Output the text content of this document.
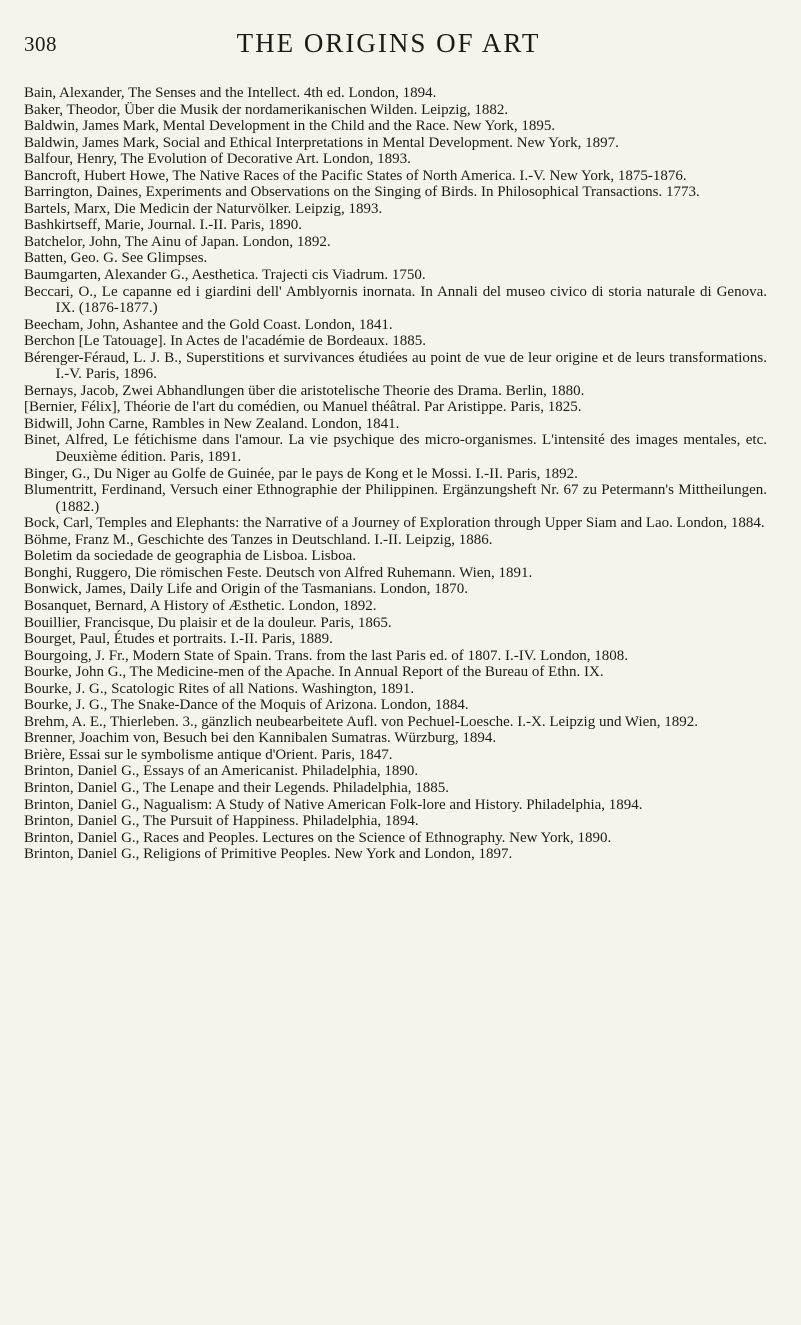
308	THE ORIGINS OF ART

Bain, Alexander, The Senses and the Intellect. 4th ed. London, 1894.

Baker, Theodor, Über die Musik der nordamerikanischen Wilden. Leipzig, 1882.

Baldwin, James Mark, Mental Development in the Child and the Race. New York, 1895.

Baldwin, James Mark, Social and Ethical Interpretations in Mental Development. New York, 1897.

Balfour, Henry, The Evolution of Decorative Art. London, 1893.

Bancroft, Hubert Howe, The Native Races of the Pacific States of North America. I.-V. New York, 1875-1876.

Barrington, Daines, Experiments and Observations on the Singing of Birds. In Philosophical Transactions. 1773.

Bartels, Marx, Die Medicin der Naturvölker. Leipzig, 1893.

Bashkirtseff, Marie, Journal. I.-II. Paris, 1890.

Batchelor, John, The Ainu of Japan. London, 1892.

Batten, Geo. G. See Glimpses.

Baumgarten, Alexander G., Aesthetica. Trajecti cis Viadrum. 1750.

Beccari, O., Le capanne ed i giardini dell' Amblyornis inornata. In Annali del museo civico di storia naturale di Genova. IX. (1876-1877.)

Beecham, John, Ashantee and the Gold Coast. London, 1841.

Berchon [Le Tatouage]. In Actes de l'académie de Bordeaux. 1885.

Bérenger-Féraud, L. J. B., Superstitions et survivances étudiées au point de vue de leur origine et de leurs transformations. I.-V. Paris, 1896.

Bernays, Jacob, Zwei Abhandlungen über die aristotelische Theorie des Drama. Berlin, 1880.

[Bernier, Félix], Théorie de l'art du comédien, ou Manuel théâtral. Par Aristippe. Paris, 1825.

Bidwill, John Carne, Rambles in New Zealand. London, 1841.

Binet, Alfred, Le fétichisme dans l'amour. La vie psychique des micro-organismes. L'intensité des images mentales, etc. Deuxième édition. Paris, 1891.

Binger, G., Du Niger au Golfe de Guinée, par le pays de Kong et le Mossi. I.-II. Paris, 1892.

Blumentritt, Ferdinand, Versuch einer Ethnographie der Philippinen. Ergänzungsheft Nr. 67 zu Petermann's Mittheilungen. (1882.)

Bock, Carl, Temples and Elephants: the Narrative of a Journey of Exploration through Upper Siam and Lao. London, 1884.

Böhme, Franz M., Geschichte des Tanzes in Deutschland. I.-II. Leipzig, 1886.

Boletim da sociedade de geographia de Lisboa. Lisboa.

Bonghi, Ruggero, Die römischen Feste. Deutsch von Alfred Ruhemann. Wien, 1891.

Bonwick, James, Daily Life and Origin of the Tasmanians. London, 1870.

Bosanquet, Bernard, A History of Æsthetic. London, 1892.

Bouillier, Francisque, Du plaisir et de la douleur. Paris, 1865.

Bourget, Paul, Études et portraits. I.-II. Paris, 1889.

Bourgoing, J. Fr., Modern State of Spain. Trans. from the last Paris ed. of 1807. I.-IV. London, 1808.

Bourke, John G., The Medicine-men of the Apache. In Annual Report of the Bureau of Ethn. IX.

Bourke, J. G., Scatologic Rites of all Nations. Washington, 1891.

Bourke, J. G., The Snake-Dance of the Moquis of Arizona. London, 1884.

Brehm, A. E., Thierleben. 3., gänzlich neubearbeitete Aufl. von Pechuel-Loesche. I.-X. Leipzig und Wien, 1892.

Brenner, Joachim von, Besuch bei den Kannibalen Sumatras. Würzburg, 1894.

Brière, Essai sur le symbolisme antique d'Orient. Paris, 1847.

Brinton, Daniel G., Essays of an Americanist. Philadelphia, 1890.

Brinton, Daniel G., The Lenape and their Legends. Philadelphia, 1885.

Brinton, Daniel G., Nagualism: A Study of Native American Folk-lore and History. Philadelphia, 1894.

Brinton, Daniel G., The Pursuit of Happiness. Philadelphia, 1894.

Brinton, Daniel G., Races and Peoples. Lectures on the Science of Ethnography. New York, 1890.

Brinton, Daniel G., Religions of Primitive Peoples. New York and London, 1897.
